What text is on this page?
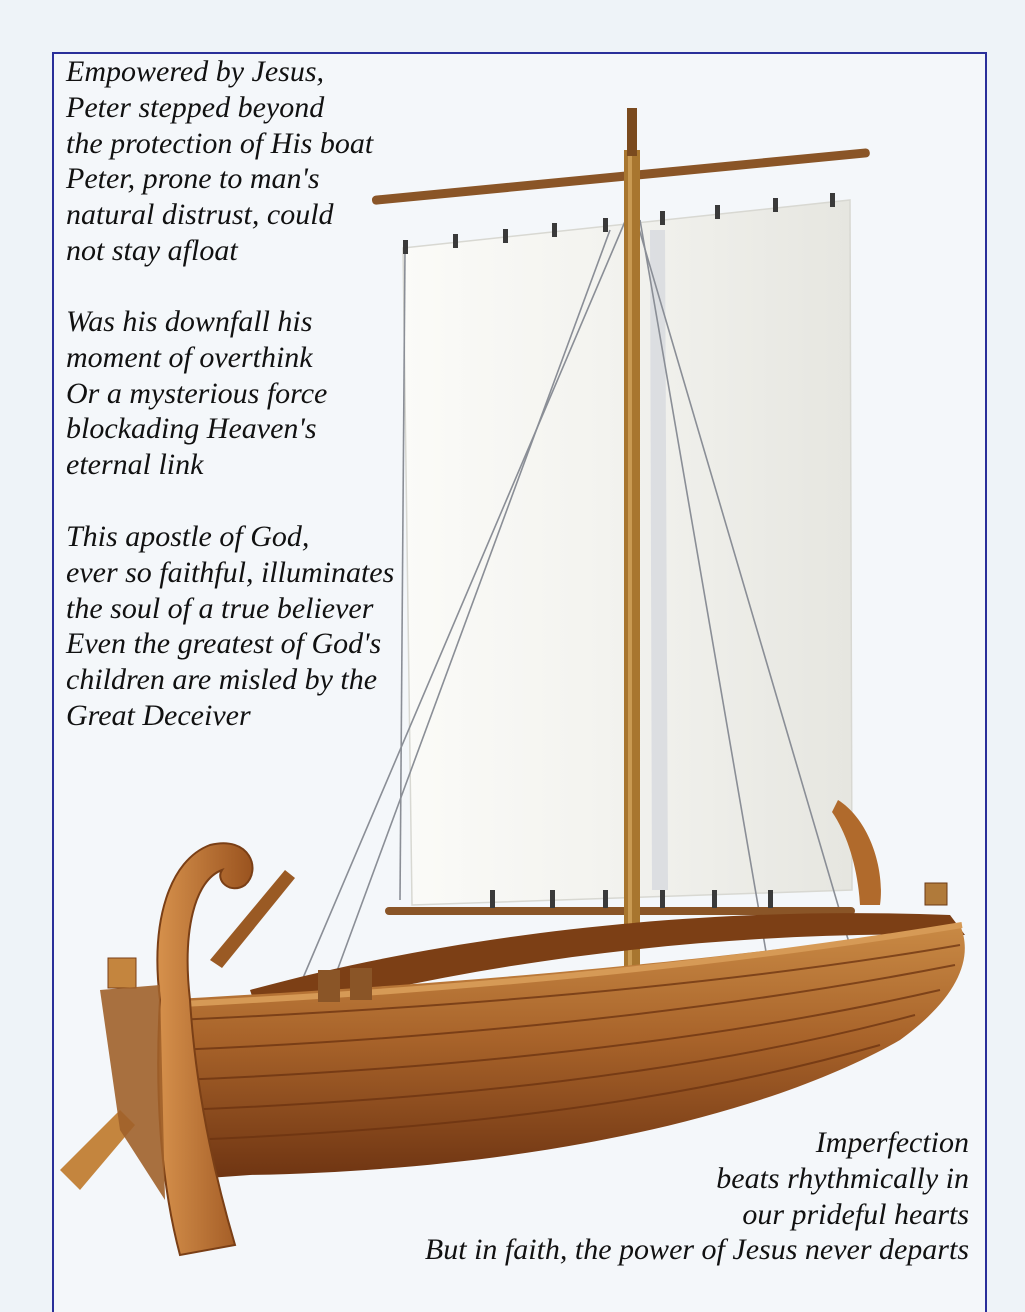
Empowered by Jesus,
Peter stepped beyond
the protection of His boat
Peter, prone to man's
natural distrust, could
not stay afloat
Was his downfall his
moment of overthink
Or a mysterious force
blockading Heaven's
eternal link
This apostle of God,
ever so faithful, illuminates
the soul of a true believer
Even the greatest of God's
children are misled by the
Great Deceiver
Imperfection
beats rhythmically in
our prideful hearts
But in faith, the power of Jesus never departs
